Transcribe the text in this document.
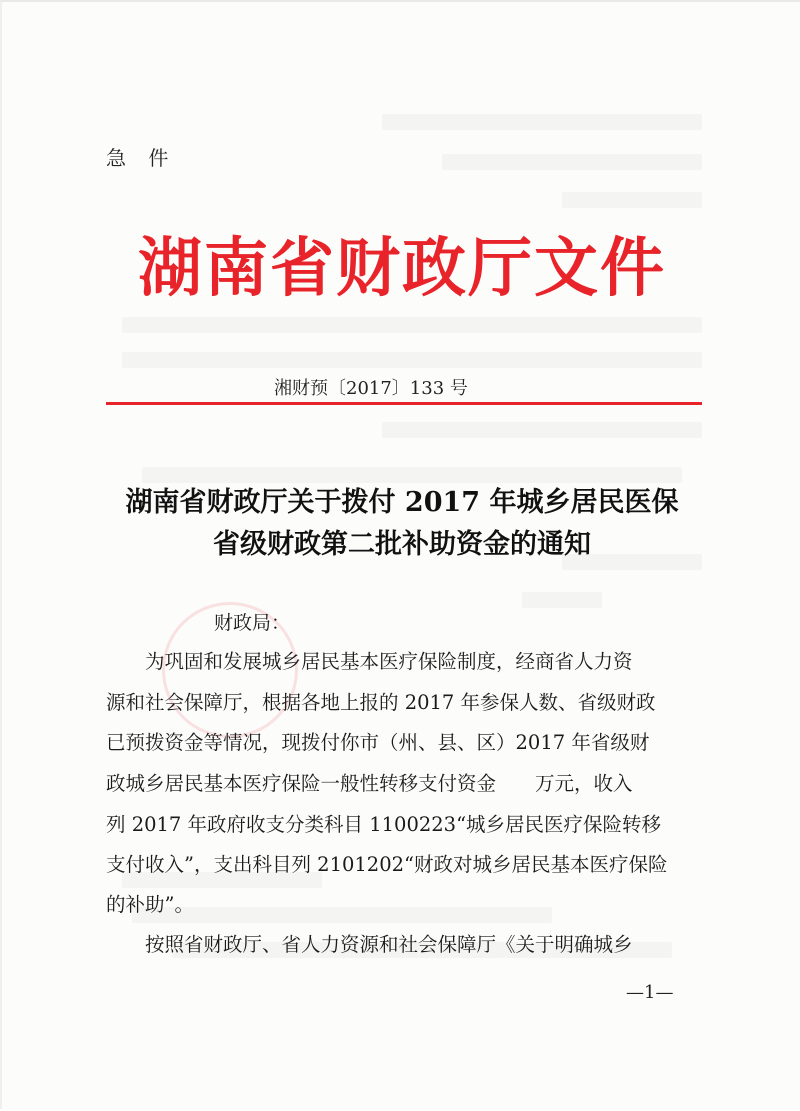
急 件
湖南省财政厅文件
湘财预〔2017〕133 号
湖南省财政厅关于拨付 2017 年城乡居民医保
省级财政第二批补助资金的通知
财政局：
　　为巩固和发展城乡居民基本医疗保险制度，经商省人力资
源和社会保障厅，根据各地上报的 2017 年参保人数、省级财政
已预拨资金等情况，现拨付你市（州、县、区）2017 年省级财
政城乡居民基本医疗保险一般性转移支付资金　　万元，收入
列 2017 年政府收支分类科目 1100223“城乡居民医疗保险转移
支付收入”，支出科目列 2101202“财政对城乡居民基本医疗保险
的补助”。
　　按照省财政厅、省人力资源和社会保障厅《关于明确城乡
—1—
